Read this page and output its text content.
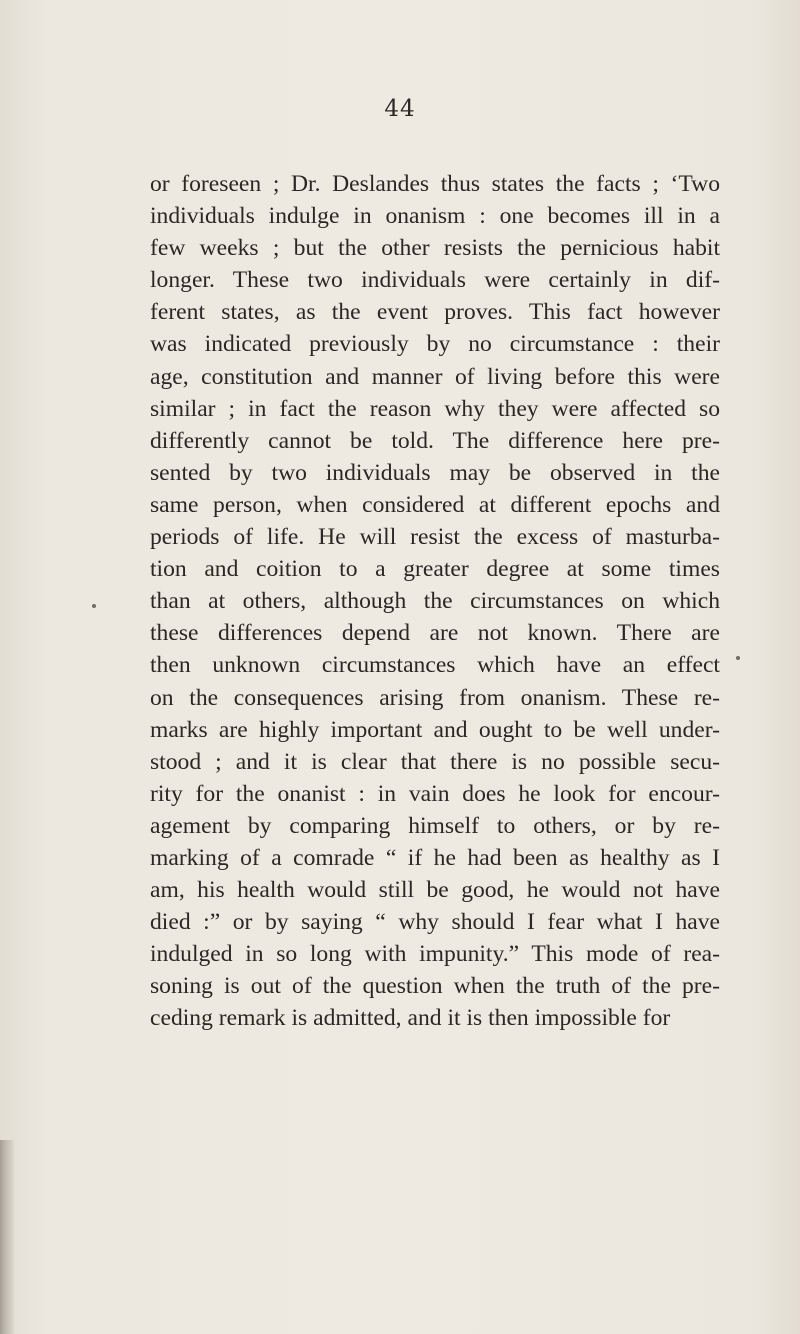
44

or foreseen ; Dr. Deslandes thus states the facts ; ‘Two
individuals indulge in onanism : one becomes ill in a
few weeks ; but the other resists the pernicious habit
longer. These two individuals were certainly in dif-
ferent states, as the event proves. This fact however
was indicated previously by no circumstance : their
age, constitution and manner of living before this were
similar ; in fact the reason why they were affected so
differently cannot be told. The difference here pre-
sented by two individuals may be observed in the
same person, when considered at different epochs and
periods of life. He will resist the excess of masturba-
tion and coition to a greater degree at some times
than at others, although the circumstances on which
these differences depend are not known. There are
then unknown circumstances which have an effect
on the consequences arising from onanism. These re-
marks are highly important and ought to be well under-
stood ; and it is clear that there is no possible secu-
rity for the onanist : in vain does he look for encour-
agement by comparing himself to others, or by re-
marking of a comrade “ if he had been as healthy as I
am, his health would still be good, he would not have
died :” or by saying “ why should I fear what I have
indulged in so long with impunity.” This mode of rea-
soning is out of the question when the truth of the pre-
ceding remark is admitted, and it is then impossible for
